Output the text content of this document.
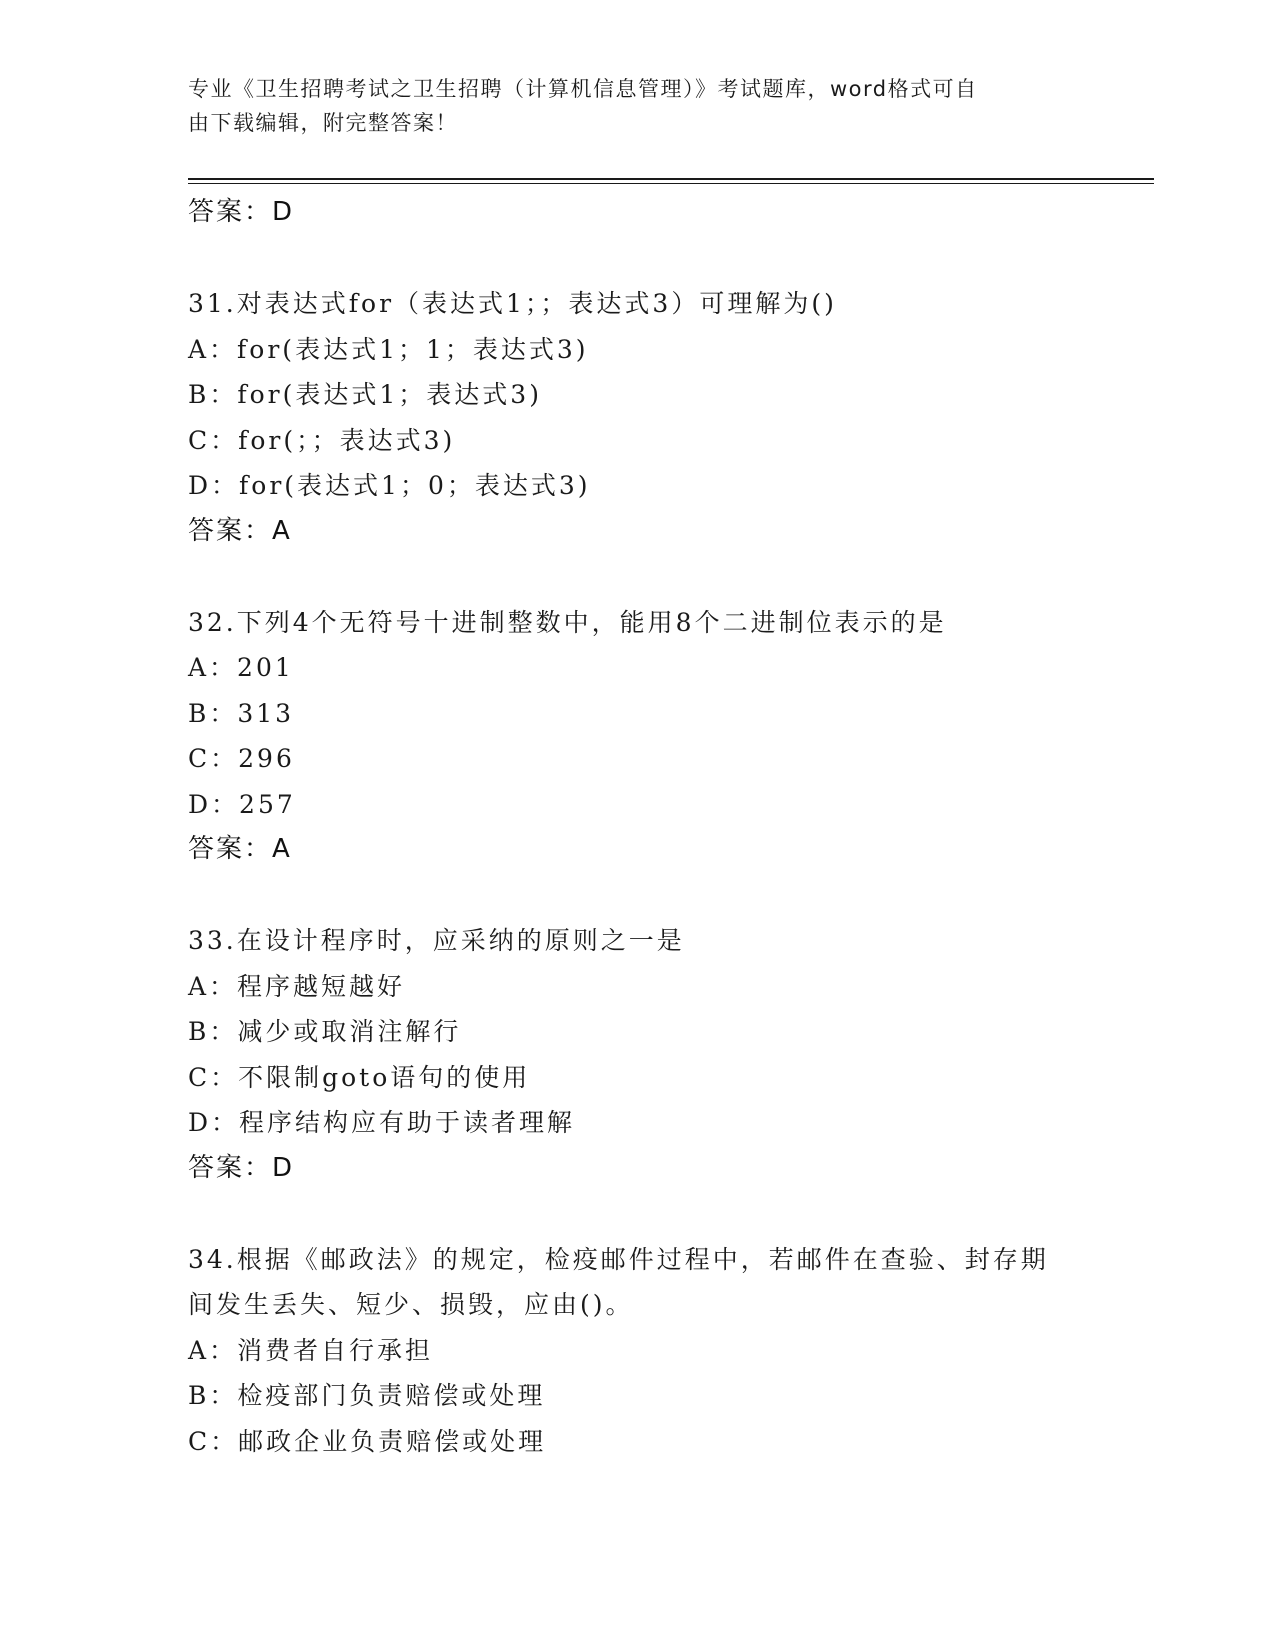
专业《卫生招聘考试之卫生招聘（计算机信息管理）》考试题库，word格式可自
由下载编辑，附完整答案！
答案：D
31.对表达式for（表达式1；；表达式3）可理解为()
A：for(表达式1；1；表达式3)
B：for(表达式1；表达式3)
C：for(；；表达式3)
D：for(表达式1；0；表达式3)
答案：A
32.下列4个无符号十进制整数中，能用8个二进制位表示的是
A：201
B：313
C：296
D：257
答案：A
33.在设计程序时，应采纳的原则之一是
A：程序越短越好
B：减少或取消注解行
C：不限制goto语句的使用
D：程序结构应有助于读者理解
答案：D
34.根据《邮政法》的规定，检疫邮件过程中，若邮件在查验、封存期
间发生丢失、短少、损毁，应由()。
A：消费者自行承担
B：检疫部门负责赔偿或处理
C：邮政企业负责赔偿或处理
